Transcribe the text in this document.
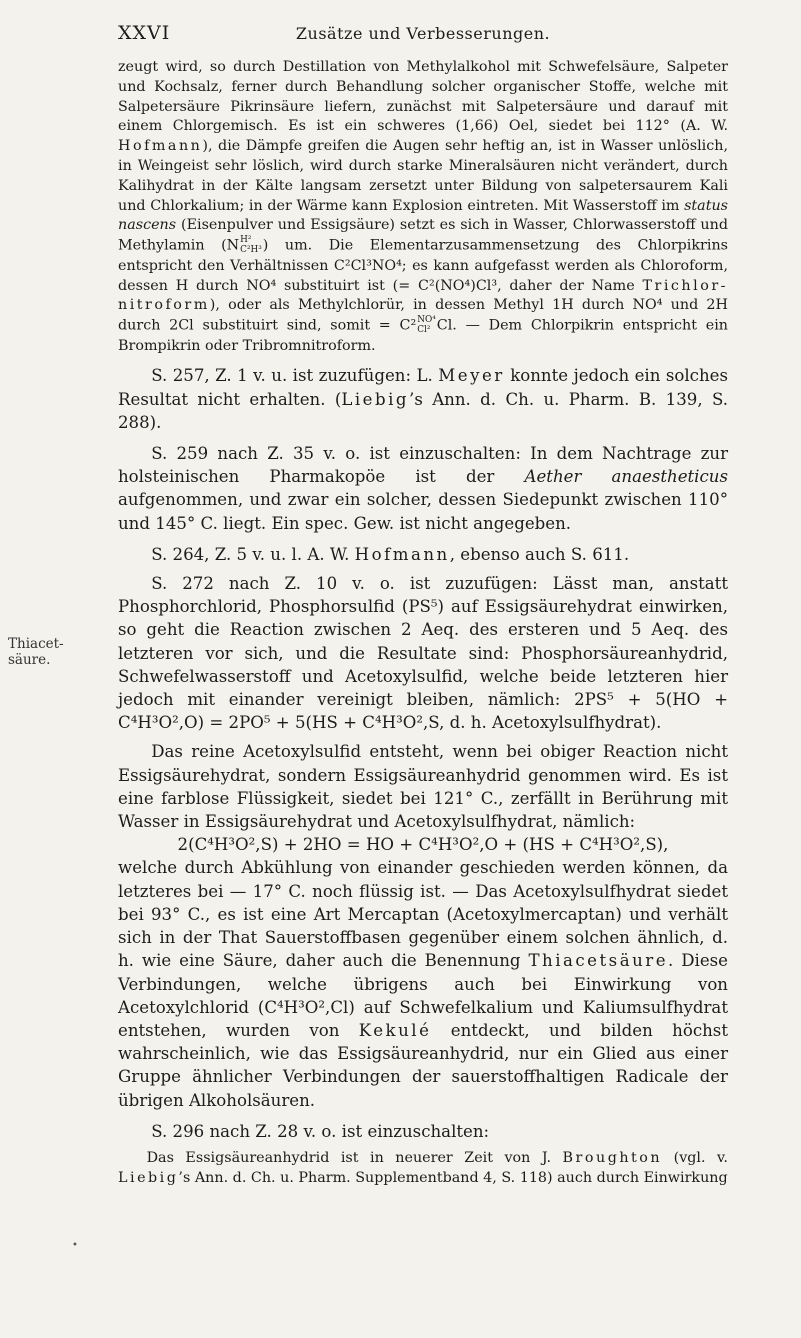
XXVI	Zusätze und Verbesserungen.
Thiacet-
säure.
•

zeugt wird, so durch Destillation von Methylalkohol mit Schwefelsäure, Salpeter und Kochsalz, ferner durch Behandlung solcher organischer Stoffe, welche mit Salpetersäure Pikrinsäure liefern, zunächst mit Salpetersäure und darauf mit einem Chlorgemisch. Es ist ein schweres (1,66) Oel, siedet bei 112° (A. W. Hofmann), die Dämpfe greifen die Augen sehr heftig an, ist in Wasser unlöslich, in Weingeist sehr löslich, wird durch starke Mineralsäuren nicht verändert, durch Kalihydrat in der Kälte langsam zersetzt unter Bildung von salpetersaurem Kali und Chlorkalium; in der Wärme kann Explosion eintreten. Mit Wasserstoff im status nascens (Eisenpulver und Essigsäure) setzt es sich in Wasser, Chlorwasserstoff und Methylamin (N H²
C²H³ ) um. Die Elementarzusammensetzung des Chlorpikrins entspricht den Verhältnissen C²Cl³NO⁴; es kann aufgefasst werden als Chloroform, dessen H durch NO⁴ substituirt ist (= C²(NO⁴)Cl³, daher der Name Trichlor-nitroform), oder als Methylchlorür, in dessen Methyl 1H durch NO⁴ und 2H durch 2Cl substituirt sind, somit = C² NO⁴
Cl² Cl. — Dem Chlorpikrin entspricht ein Brompikrin oder Tribromnitroform.

S. 257, Z. 1 v. u. ist zuzufügen: L. Meyer konnte jedoch ein solches Resultat nicht erhalten. (Liebig’s Ann. d. Ch. u. Pharm. B. 139, S. 288).

S. 259 nach Z. 35 v. o. ist einzuschalten: In dem Nachtrage zur holsteinischen Pharmakopöe ist der Aether anaestheticus aufgenommen, und zwar ein solcher, dessen Siedepunkt zwischen 110° und 145° C. liegt. Ein spec. Gew. ist nicht angegeben.

S. 264, Z. 5 v. u. l. A. W. Hofmann, ebenso auch S. 611.

S. 272 nach Z. 10 v. o. ist zuzufügen: Lässt man, anstatt Phosphorchlorid, Phosphorsulfid (PS⁵) auf Essigsäurehydrat einwirken, so geht die Reaction zwischen 2 Aeq. des ersteren und 5 Aeq. des letzteren vor sich, und die Resultate sind: Phosphorsäureanhydrid, Schwefelwasserstoff und Acetoxylsulfid, welche beide letzteren hier jedoch mit einander vereinigt bleiben, nämlich: 2PS⁵ + 5(HO + C⁴H³O²,O) = 2PO⁵ + 5(HS + C⁴H³O²,S, d. h. Acetoxylsulfhydrat).

Das reine Acetoxylsulfid entsteht, wenn bei obiger Reaction nicht Essigsäurehydrat, sondern Essigsäureanhydrid genommen wird. Es ist eine farblose Flüssigkeit, siedet bei 121° C., zerfällt in Berührung mit Wasser in Essigsäurehydrat und Acetoxylsulfhydrat, nämlich:

2(C⁴H³O²,S) + 2HO = HO + C⁴H³O²,O + (HS + C⁴H³O²,S),

welche durch Abkühlung von einander geschieden werden können, da letzteres bei — 17° C. noch flüssig ist. — Das Acetoxylsulfhydrat siedet bei 93° C., es ist eine Art Mercaptan (Acetoxylmercaptan) und verhält sich in der That Sauerstoffbasen gegenüber einem solchen ähnlich, d. h. wie eine Säure, daher auch die Benennung Thiacetsäure. Diese Verbindungen, welche übrigens auch bei Einwirkung von Acetoxylchlorid (C⁴H³O²,Cl) auf Schwefelkalium und Kaliumsulfhydrat entstehen, wurden von Kekulé entdeckt, und bilden höchst wahrscheinlich, wie das Essigsäureanhydrid, nur ein Glied aus einer Gruppe ähnlicher Verbindungen der sauerstoffhaltigen Radicale der übrigen Alkoholsäuren.

S. 296 nach Z. 28 v. o. ist einzuschalten:

Das Essigsäureanhydrid ist in neuerer Zeit von J. Broughton (vgl. v. Liebig’s Ann. d. Ch. u. Pharm. Supplementband 4, S. 118) auch durch Einwirkung
